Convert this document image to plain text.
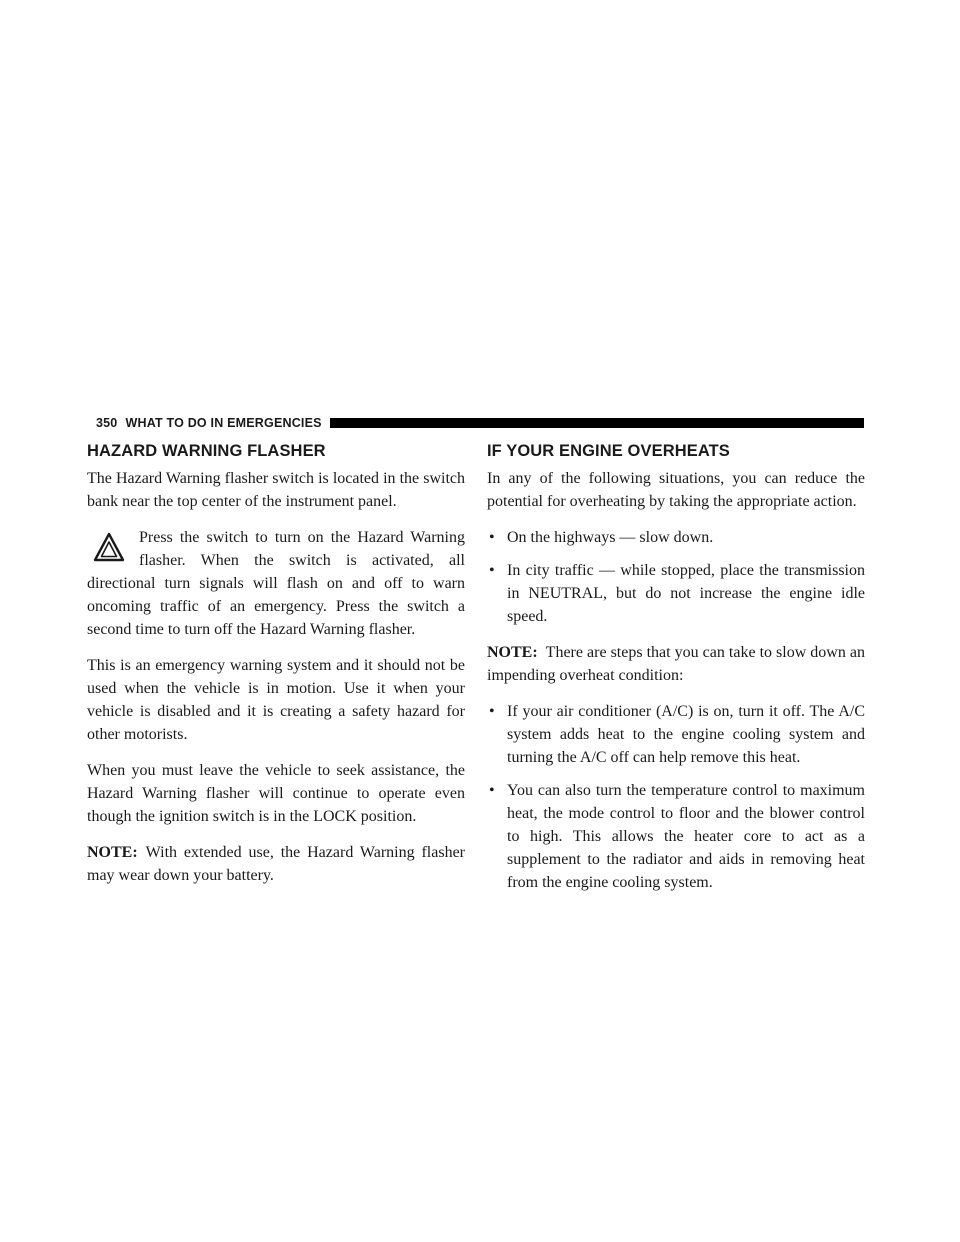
350 WHAT TO DO IN EMERGENCIES
HAZARD WARNING FLASHER

The Hazard Warning flasher switch is located in the switch bank near the top center of the instrument panel.

Press the switch to turn on the Hazard Warning flasher. When the switch is activated, all directional turn signals will flash on and off to warn oncoming traffic of an emergency. Press the switch a second time to turn off the Hazard Warning flasher.

This is an emergency warning system and it should not be used when the vehicle is in motion. Use it when your vehicle is disabled and it is creating a safety hazard for other motorists.

When you must leave the vehicle to seek assistance, the Hazard Warning flasher will continue to operate even though the ignition switch is in the LOCK position.

NOTE: With extended use, the Hazard Warning flasher may wear down your battery.

IF YOUR ENGINE OVERHEATS

In any of the following situations, you can reduce the potential for overheating by taking the appropriate action.

• On the highways — slow down.
• In city traffic — while stopped, place the transmission in NEUTRAL, but do not increase the engine idle speed.

NOTE: There are steps that you can take to slow down an impending overheat condition:

• If your air conditioner (A/C) is on, turn it off. The A/C system adds heat to the engine cooling system and turning the A/C off can help remove this heat.
• You can also turn the temperature control to maximum heat, the mode control to floor and the blower control to high. This allows the heater core to act as a supplement to the radiator and aids in removing heat from the engine cooling system.
